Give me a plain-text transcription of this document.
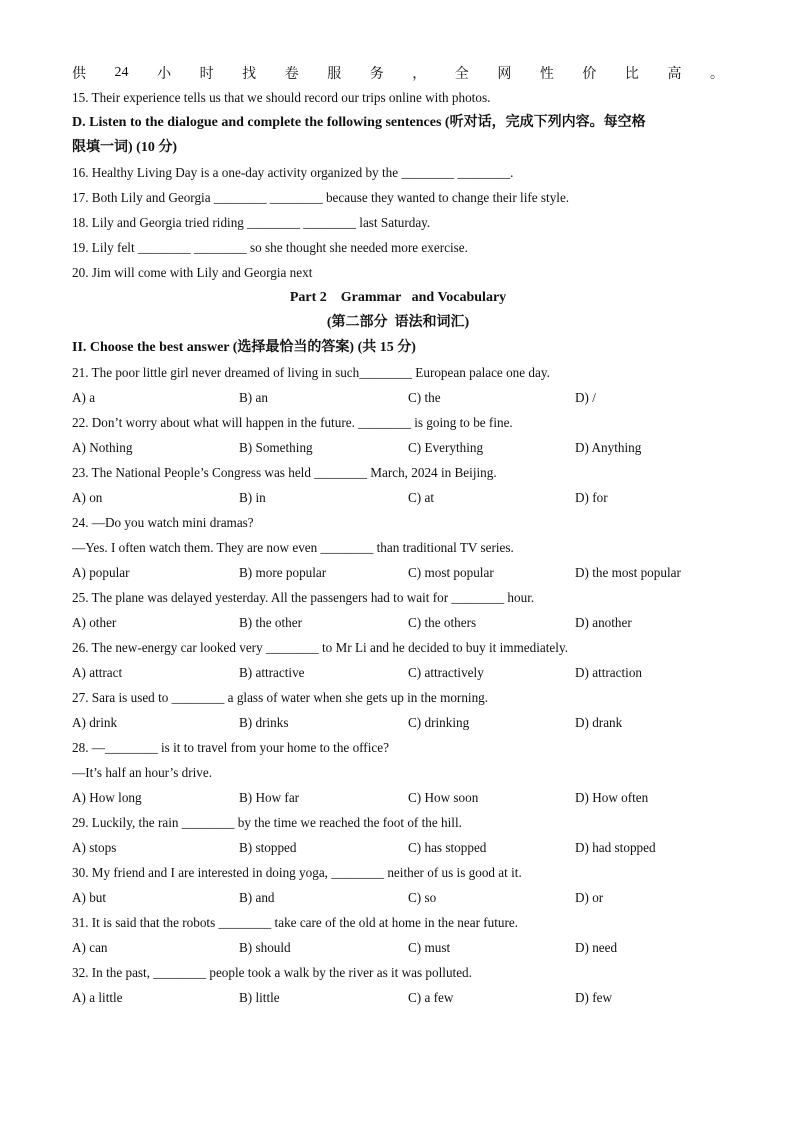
供 24 小 时 找 卷 服 务 ， 全 网 性 价 比 高 。
15. Their experience tells us that we should record our trips online with photos.
D. Listen to the dialogue and complete the following sentences (听对话，完成下列内容。每空格
限填一词) (10 分)
16. Healthy Living Day is a one-day activity organized by the ________ ________.
17. Both Lily and Georgia ________ ________ because they wanted to change their life style.
18. Lily and Georgia tried riding ________ ________ last Saturday.
19. Lily felt ________ ________ so she thought she needed more exercise.
20. Jim will come with Lily and Georgia next
Part 2    Grammar   and Vocabulary
(第二部分  语法和词汇)
II. Choose the best answer (选择最恰当的答案) (共 15 分)
21. The poor little girl never dreamed of living in such________ European palace one day.
A) a	B) an	C) the	D) /
22. Don’t worry about what will happen in the future. ________ is going to be fine.
A) Nothing	B) Something	C) Everything	D) Anything
23. The National People’s Congress was held ________ March, 2024 in Beijing.
A) on	B) in	C) at	D) for
24. —Do you watch mini dramas?
—Yes. I often watch them. They are now even ________ than traditional TV series.
A) popular	B) more popular	C) most popular	D) the most popular
25. The plane was delayed yesterday. All the passengers had to wait for ________ hour.
A) other	B) the other	C) the others	D) another
26. The new-energy car looked very ________ to Mr Li and he decided to buy it immediately.
A) attract	B) attractive	C) attractively	D) attraction
27. Sara is used to ________ a glass of water when she gets up in the morning.
A) drink	B) drinks	C) drinking	D) drank
28. —________ is it to travel from your home to the office?
—It’s half an hour’s drive.
A) How long	B) How far	C) How soon	D) How often
29. Luckily, the rain ________ by the time we reached the foot of the hill.
A) stops	B) stopped	C) has stopped	D) had stopped
30. My friend and I are interested in doing yoga, ________ neither of us is good at it.
A) but	B) and	C) so	D) or
31. It is said that the robots ________ take care of the old at home in the near future.
A) can	B) should	C) must	D) need
32. In the past, ________ people took a walk by the river as it was polluted.
A) a little	B) little	C) a few	D) few
